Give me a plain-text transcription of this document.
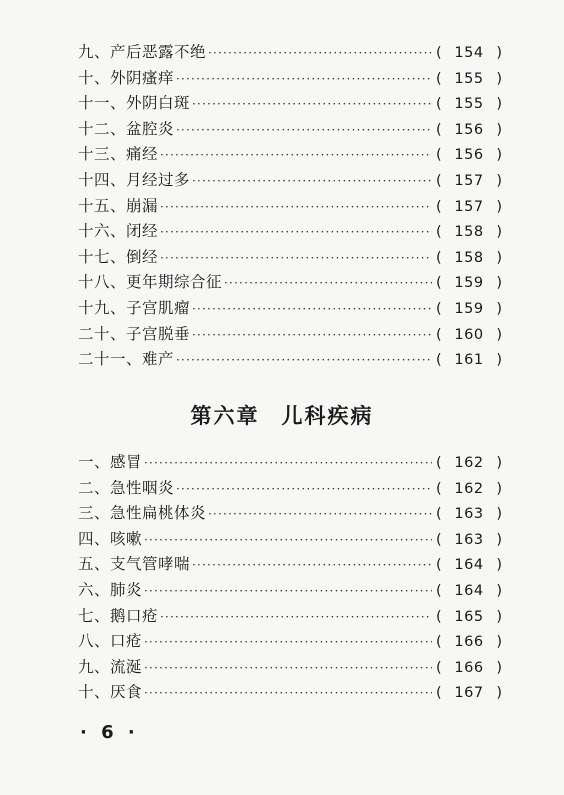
九、产后恶露不绝 ·····	( 154 )
十、外阴瘙痒 ·····	( 155 )
十一、外阴白斑 ·····	( 155 )
十二、盆腔炎 ·····	( 156 )
十三、痛经 ·····	( 156 )
十四、月经过多 ·····	( 157 )
十五、崩漏 ·····	( 157 )
十六、闭经 ·····	( 158 )
十七、倒经 ·····	( 158 )
十八、更年期综合征 ·····	( 159 )
十九、子宫肌瘤 ·····	( 159 )
二十、子宫脱垂 ·····	( 160 )
二十一、难产 ·····	( 161 )
第六章 儿科疾病
一、感冒 ·····	( 162 )
二、急性咽炎 ·····	( 162 )
三、急性扁桃体炎 ·····	( 163 )
四、咳嗽 ·····	( 163 )
五、支气管哮喘 ·····	( 164 )
六、肺炎 ·····	( 164 )
七、鹅口疮 ·····	( 165 )
八、口疮 ·····	( 166 )
九、流涎 ·····	( 166 )
十、厌食 ·····	( 167 )
· 6 ·
